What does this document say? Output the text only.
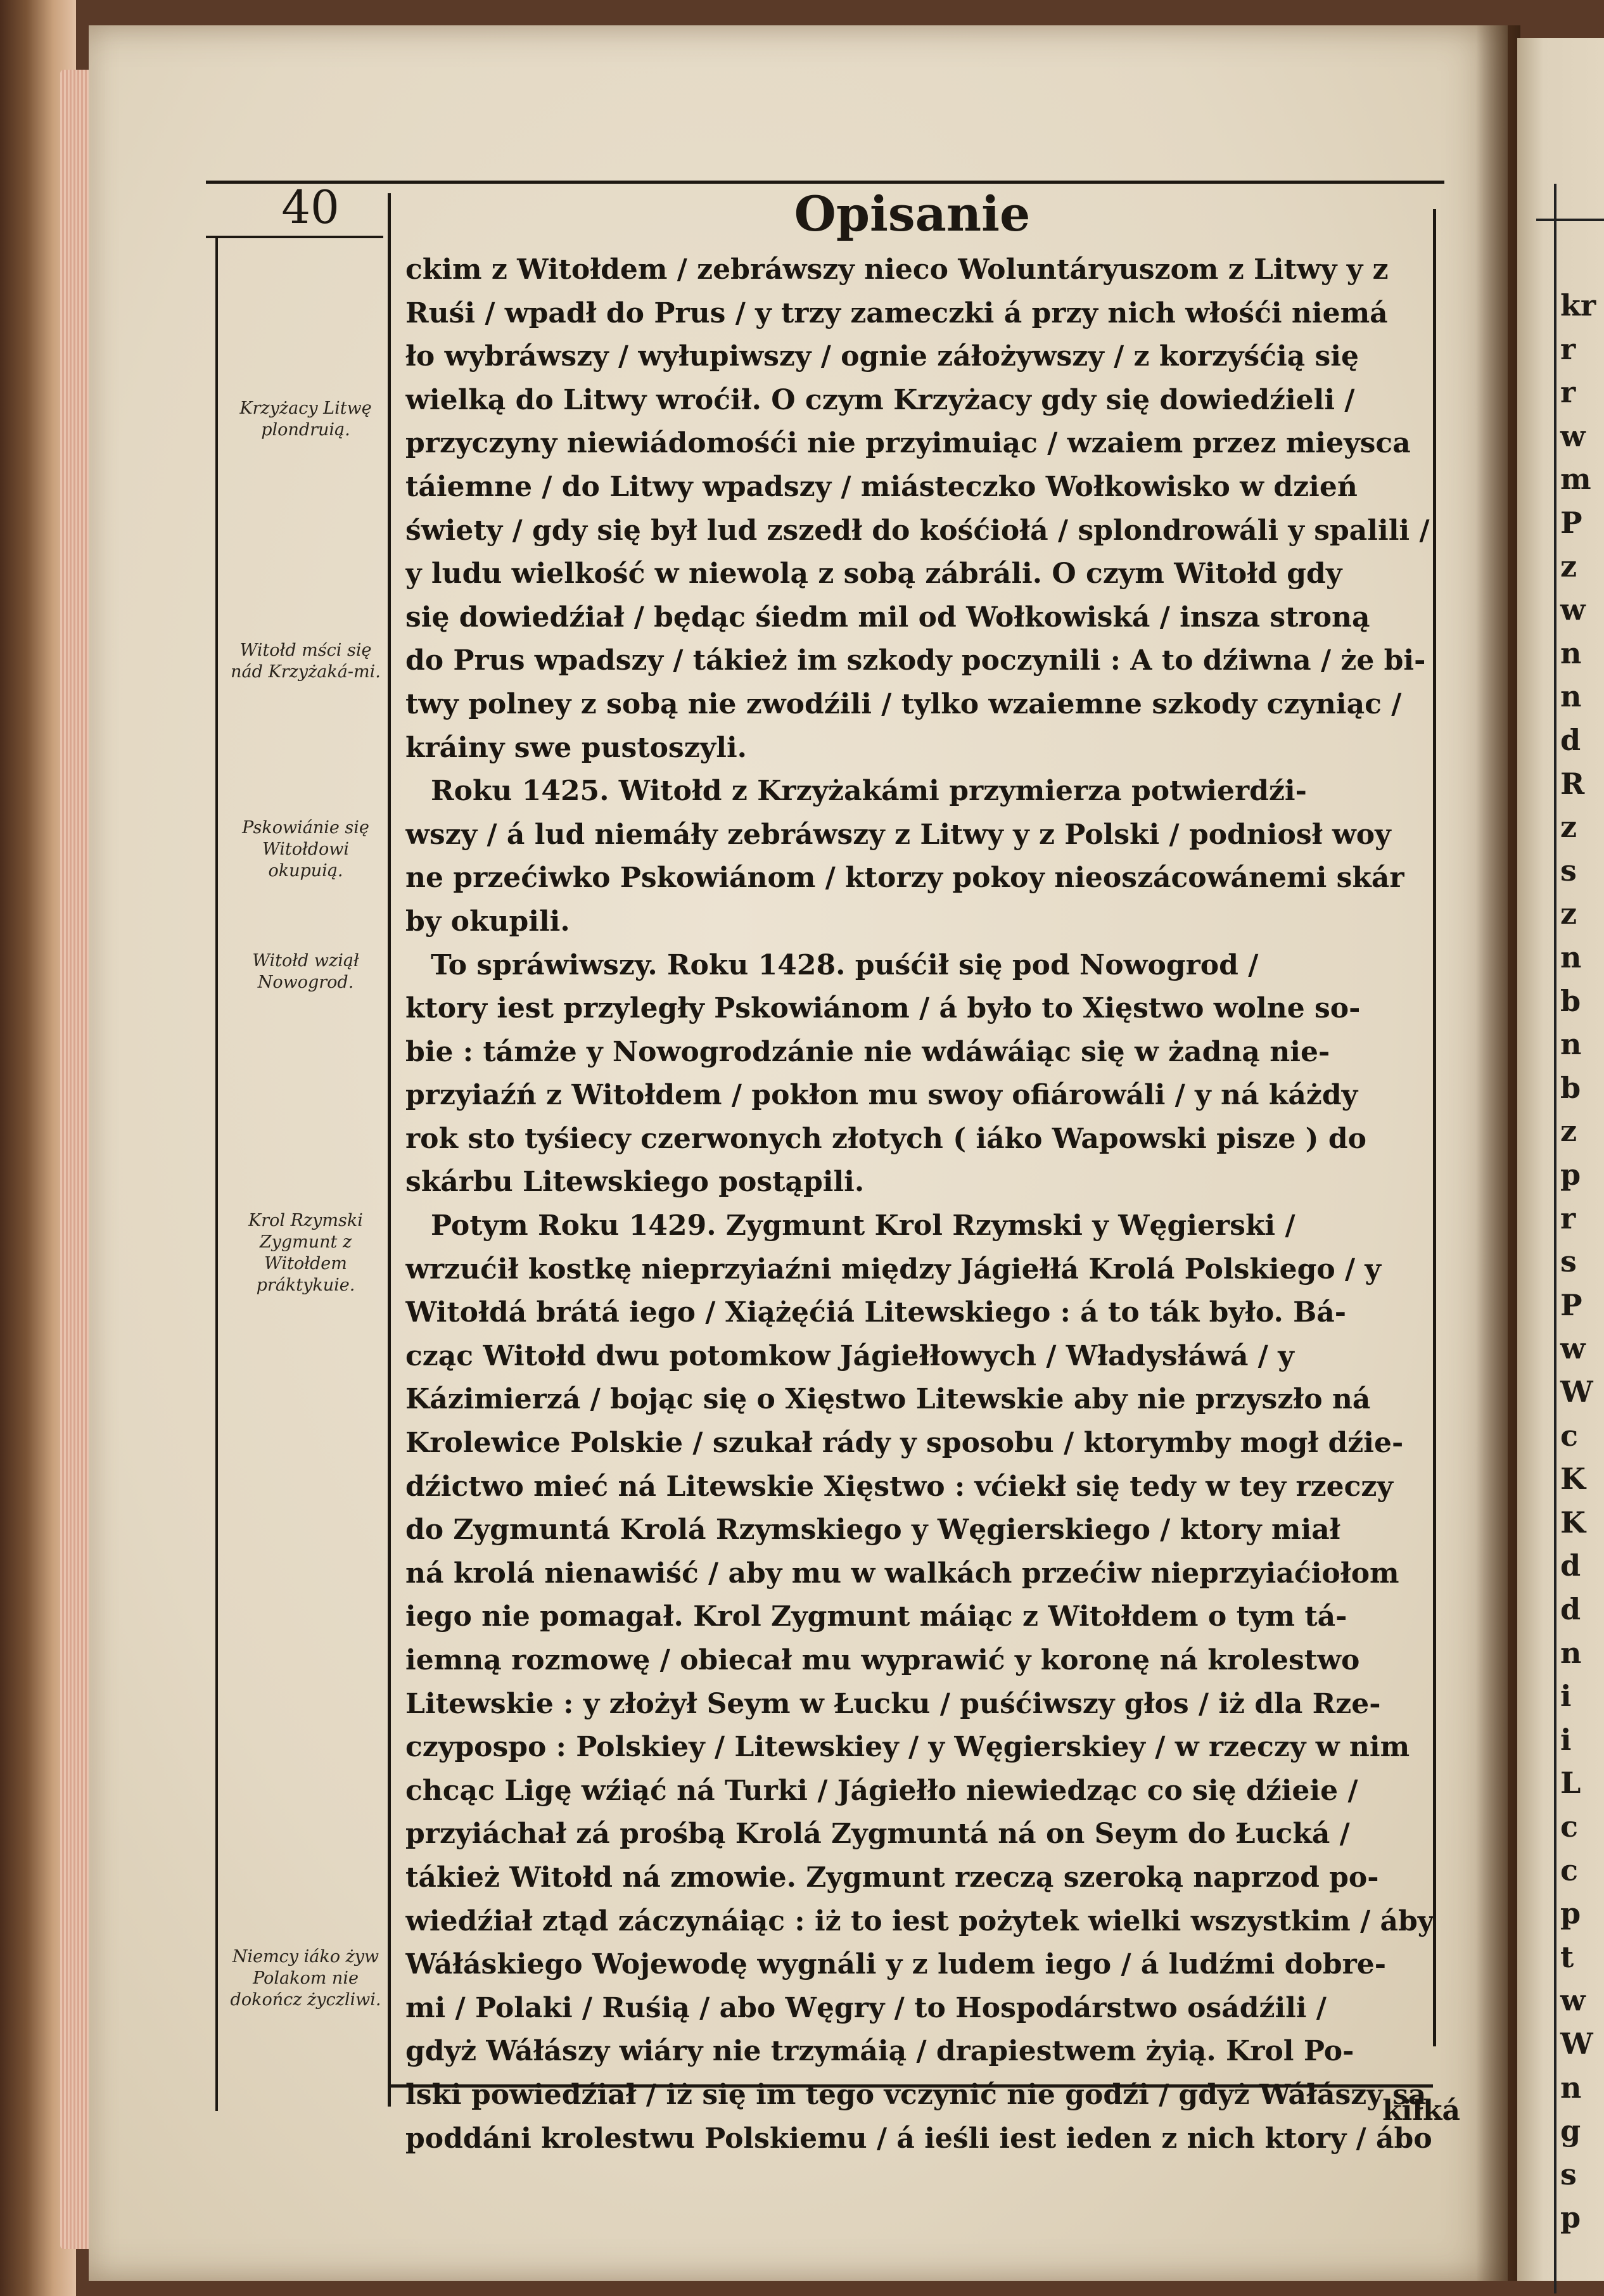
40	Opisanie
Krzyżacy Litwę plondruią.
Witołd mści się nád Krzyżaká-mi.
Pskowiánie się Witołdowi okupuią.
Witołd wziął Nowogrod.
Krol Rzymski Zygmunt z Witołdem práktykuie.
Niemcy iáko żyw Polakom nie dokończ życzliwi.
ckim z Witołdem / zebráwszy nieco Woluntáryuszom z Litwy y z
Ruśi / wpadł do Prus / y trzy zameczki á przy nich włośći niemá
ło wybráwszy / wyłupiwszy / ognie záłożywszy / z korzyśćią się
wielką do Litwy wroćił. O czym Krzyżacy gdy się dowiedźieli /
przyczyny niewiádomośći nie przyimuiąc / wzaiem przez mieysca
táiemne / do Litwy wpadszy / miásteczko Wołkowisko w dzień
świety / gdy się był lud zszedł do kośćiołá / splondrowáli y spalili /
y ludu wielkość w niewolą z sobą zábráli. O czym Witołd gdy
się dowiedźiał / będąc śiedm mil od Wołkowiská / insza stroną
do Prus wpadszy / tákież im szkody poczynili : A to dźiwna / że bi-
twy polney z sobą nie zwodźili / tylko wzaiemne szkody czyniąc /
kráiny swe pustoszyli.
Roku 1425. Witołd z Krzyżakámi przymierza potwierdźi-
wszy / á lud niemáły zebráwszy z Litwy y z Polski / podniosł woy
ne przećiwko Pskowiánom / ktorzy pokoy nieoszácowánemi skár
by okupili.
To spráwiwszy. Roku 1428. puśćił się pod Nowogrod /
ktory iest przyległy Pskowiánom / á było to Xięstwo wolne so-
bie : támże y Nowogrodzánie nie wdáwáiąc się w żadną nie-
przyiaźń z Witołdem / pokłon mu swoy ofiárowáli / y ná káżdy
rok sto tyśiecy czerwonych złotych ( iáko Wapowski pisze ) do
skárbu Litewskiego postąpili.
Potym Roku 1429. Zygmunt Krol Rzymski y Węgierski /
wrzućił kostkę nieprzyiaźni między Jágiełłá Krolá Polskiego / y
Witołdá brátá iego / Xiążęćiá Litewskiego : á to ták było. Bá-
cząc Witołd dwu potomkow Jágiełłowych / Władysłáwá / y
Kázimierzá / bojąc się o Xięstwo Litewskie aby nie przyszło ná
Krolewice Polskie / szukał rády y sposobu / ktorymby mogł dźie-
dźictwo mieć ná Litewskie Xięstwo : vćiekł się tedy w tey rzeczy
do Zygmuntá Krolá Rzymskiego y Węgierskiego / ktory miał
ná krolá nienawiść / aby mu w walkách przećiw nieprzyiaćiołom
iego nie pomagał. Krol Zygmunt máiąc z Witołdem o tym tá-
iemną rozmowę / obiecał mu wyprawić y koronę ná krolestwo
Litewskie : y złożył Seym w Łucku / puśćiwszy głos / iż dla Rze-
czypospo : Polskiey / Litewskiey / y Węgierskiey / w rzeczy w nim
chcąc Ligę wźiąć ná Turki / Jágiełło niewiedząc co się dźieie /
przyiáchał zá prośbą Krolá Zygmuntá ná on Seym do Łucká /
tákież Witołd ná zmowie. Zygmunt rzeczą szeroką naprzod po-
wiedźiał ztąd záczynáiąc : iż to iest pożytek wielki wszystkim / áby
Wáłáskiego Wojewodę wygnáli y z ludem iego / á ludźmi dobre-
mi / Polaki / Ruśią / abo Węgry / to Hospodárstwo osádźili /
gdyż Wáłászy wiáry nie trzymáią / drapiestwem żyią. Krol Po-
lski powiedźiał / iż się im tego vczynić nie godźi / gdyż Wáłászy są
poddáni krolestwu Polskiemu / á ieśli iest ieden z nich ktory / ábo
kilká
kr
r
r
w
m
P
z
w
n
n
d
R
z
s
z
n
b
n
b
z
p
r
s
P
w
W
c
K
K
d
d
n
i
i
L
c
c
p
t
w
W
n
g
s
p
